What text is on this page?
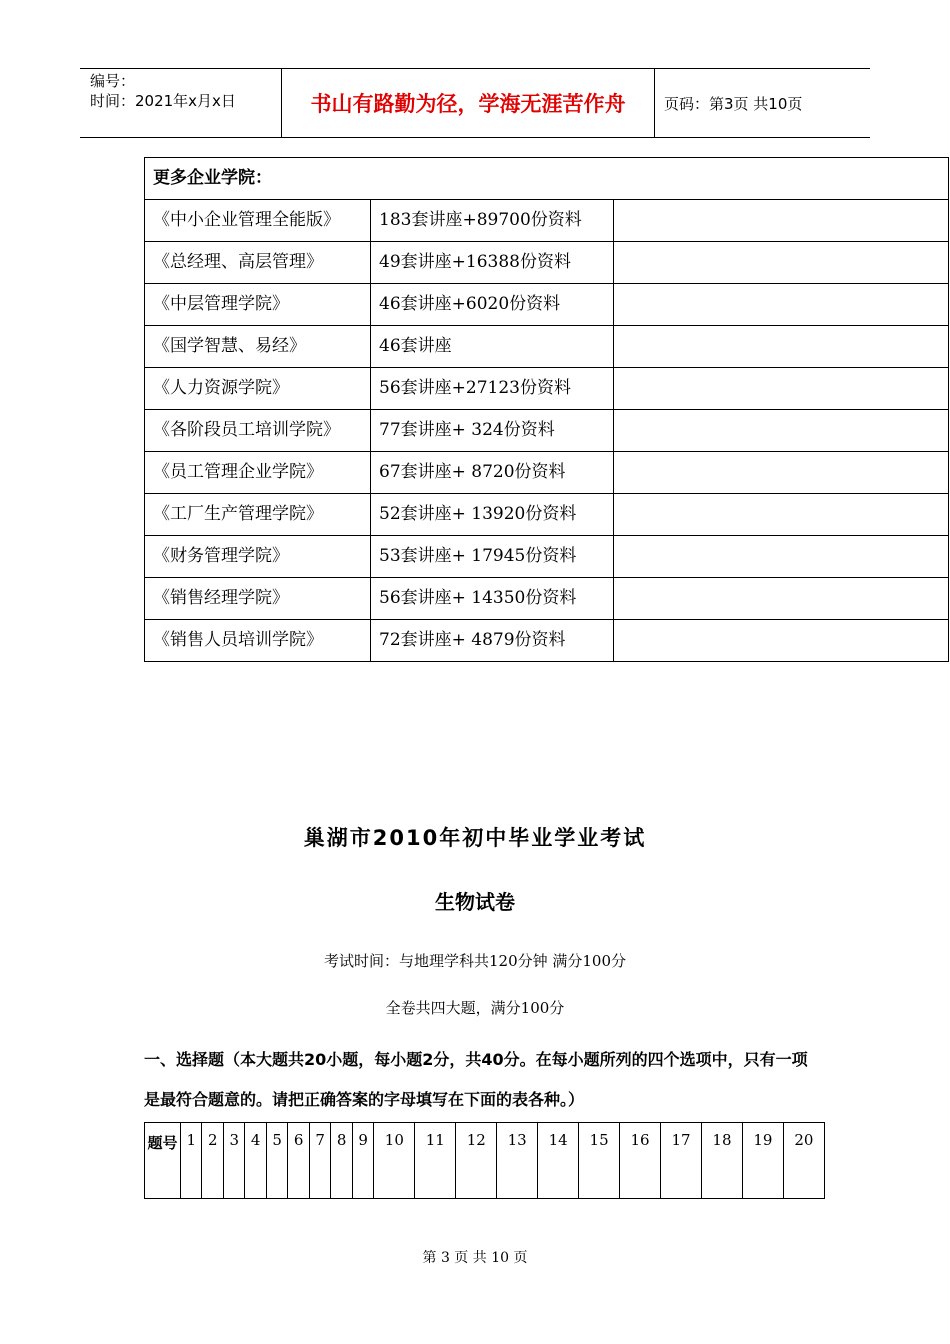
编号：
时间：2021年x月x日	书山有路勤为径，学海无涯苦作舟	页码：第3页 共10页
更多企业学院：		
《中小企业管理全能版》	183套讲座+89700份资料	
《总经理、高层管理》	49套讲座+16388份资料	
《中层管理学院》	46套讲座+6020份资料	
《国学智慧、易经》	46套讲座	
《人力资源学院》	56套讲座+27123份资料	
《各阶段员工培训学院》	77套讲座+ 324份资料	
《员工管理企业学院》	67套讲座+ 8720份资料	
《工厂生产管理学院》	52套讲座+ 13920份资料	
《财务管理学院》	53套讲座+ 17945份资料	
《销售经理学院》	56套讲座+ 14350份资料	
《销售人员培训学院》	72套讲座+ 4879份资料	
巢湖市2010年初中毕业学业考试
生物试卷
考试时间：与地理学科共120分钟 满分100分
全卷共四大题，满分100分
一、选择题（本大题共20小题，每小题2分，共40分。在每小题所列的四个选项中，只有一项是最符合题意的。请把正确答案的字母填写在下面的表各种。）
题号	1	2	3	4	5	6	7	8	9	10	11	12	13	14	15	16	17	18	19	20
第 3 页 共 10 页
